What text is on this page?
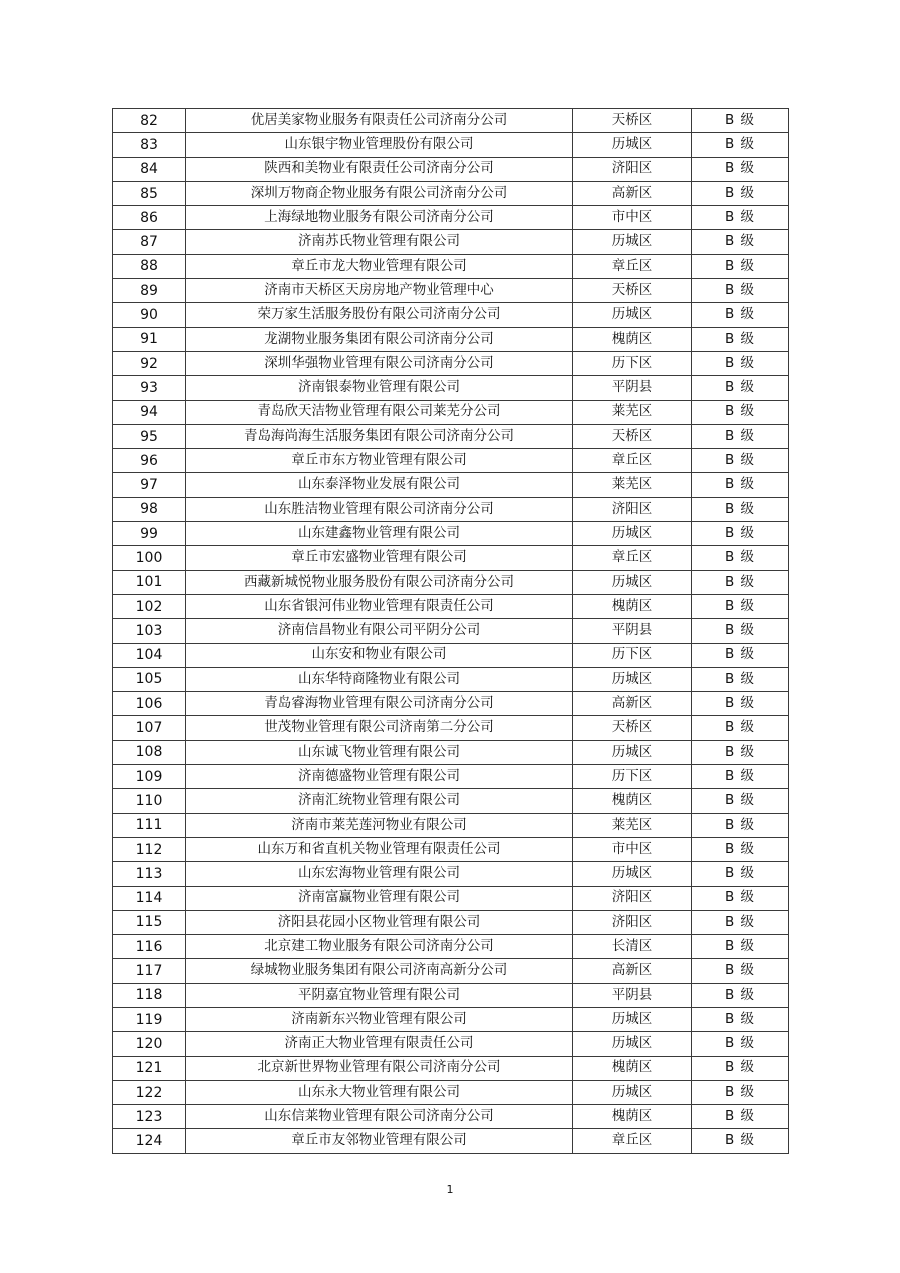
82	优居美家物业服务有限责任公司济南分公司	天桥区	B 级
83	山东银宇物业管理股份有限公司	历城区	B 级
84	陕西和美物业有限责任公司济南分公司	济阳区	B 级
85	深圳万物商企物业服务有限公司济南分公司	高新区	B 级
86	上海绿地物业服务有限公司济南分公司	市中区	B 级
87	济南苏氏物业管理有限公司	历城区	B 级
88	章丘市龙大物业管理有限公司	章丘区	B 级
89	济南市天桥区天房房地产物业管理中心	天桥区	B 级
90	荣万家生活服务股份有限公司济南分公司	历城区	B 级
91	龙湖物业服务集团有限公司济南分公司	槐荫区	B 级
92	深圳华强物业管理有限公司济南分公司	历下区	B 级
93	济南银泰物业管理有限公司	平阴县	B 级
94	青岛欣天洁物业管理有限公司莱芜分公司	莱芜区	B 级
95	青岛海尚海生活服务集团有限公司济南分公司	天桥区	B 级
96	章丘市东方物业管理有限公司	章丘区	B 级
97	山东泰泽物业发展有限公司	莱芜区	B 级
98	山东胜洁物业管理有限公司济南分公司	济阳区	B 级
99	山东建鑫物业管理有限公司	历城区	B 级
100	章丘市宏盛物业管理有限公司	章丘区	B 级
101	西藏新城悦物业服务股份有限公司济南分公司	历城区	B 级
102	山东省银河伟业物业管理有限责任公司	槐荫区	B 级
103	济南信昌物业有限公司平阴分公司	平阴县	B 级
104	山东安和物业有限公司	历下区	B 级
105	山东华特商隆物业有限公司	历城区	B 级
106	青岛睿海物业管理有限公司济南分公司	高新区	B 级
107	世茂物业管理有限公司济南第二分公司	天桥区	B 级
108	山东诚飞物业管理有限公司	历城区	B 级
109	济南德盛物业管理有限公司	历下区	B 级
110	济南汇统物业管理有限公司	槐荫区	B 级
111	济南市莱芜莲河物业有限公司	莱芜区	B 级
112	山东万和省直机关物业管理有限责任公司	市中区	B 级
113	山东宏海物业管理有限公司	历城区	B 级
114	济南富赢物业管理有限公司	济阳区	B 级
115	济阳县花园小区物业管理有限公司	济阳区	B 级
116	北京建工物业服务有限公司济南分公司	长清区	B 级
117	绿城物业服务集团有限公司济南高新分公司	高新区	B 级
118	平阴嘉宜物业管理有限公司	平阴县	B 级
119	济南新东兴物业管理有限公司	历城区	B 级
120	济南正大物业管理有限责任公司	历城区	B 级
121	北京新世界物业管理有限公司济南分公司	槐荫区	B 级
122	山东永大物业管理有限公司	历城区	B 级
123	山东信莱物业管理有限公司济南分公司	槐荫区	B 级
124	章丘市友邻物业管理有限公司	章丘区	B 级
1
